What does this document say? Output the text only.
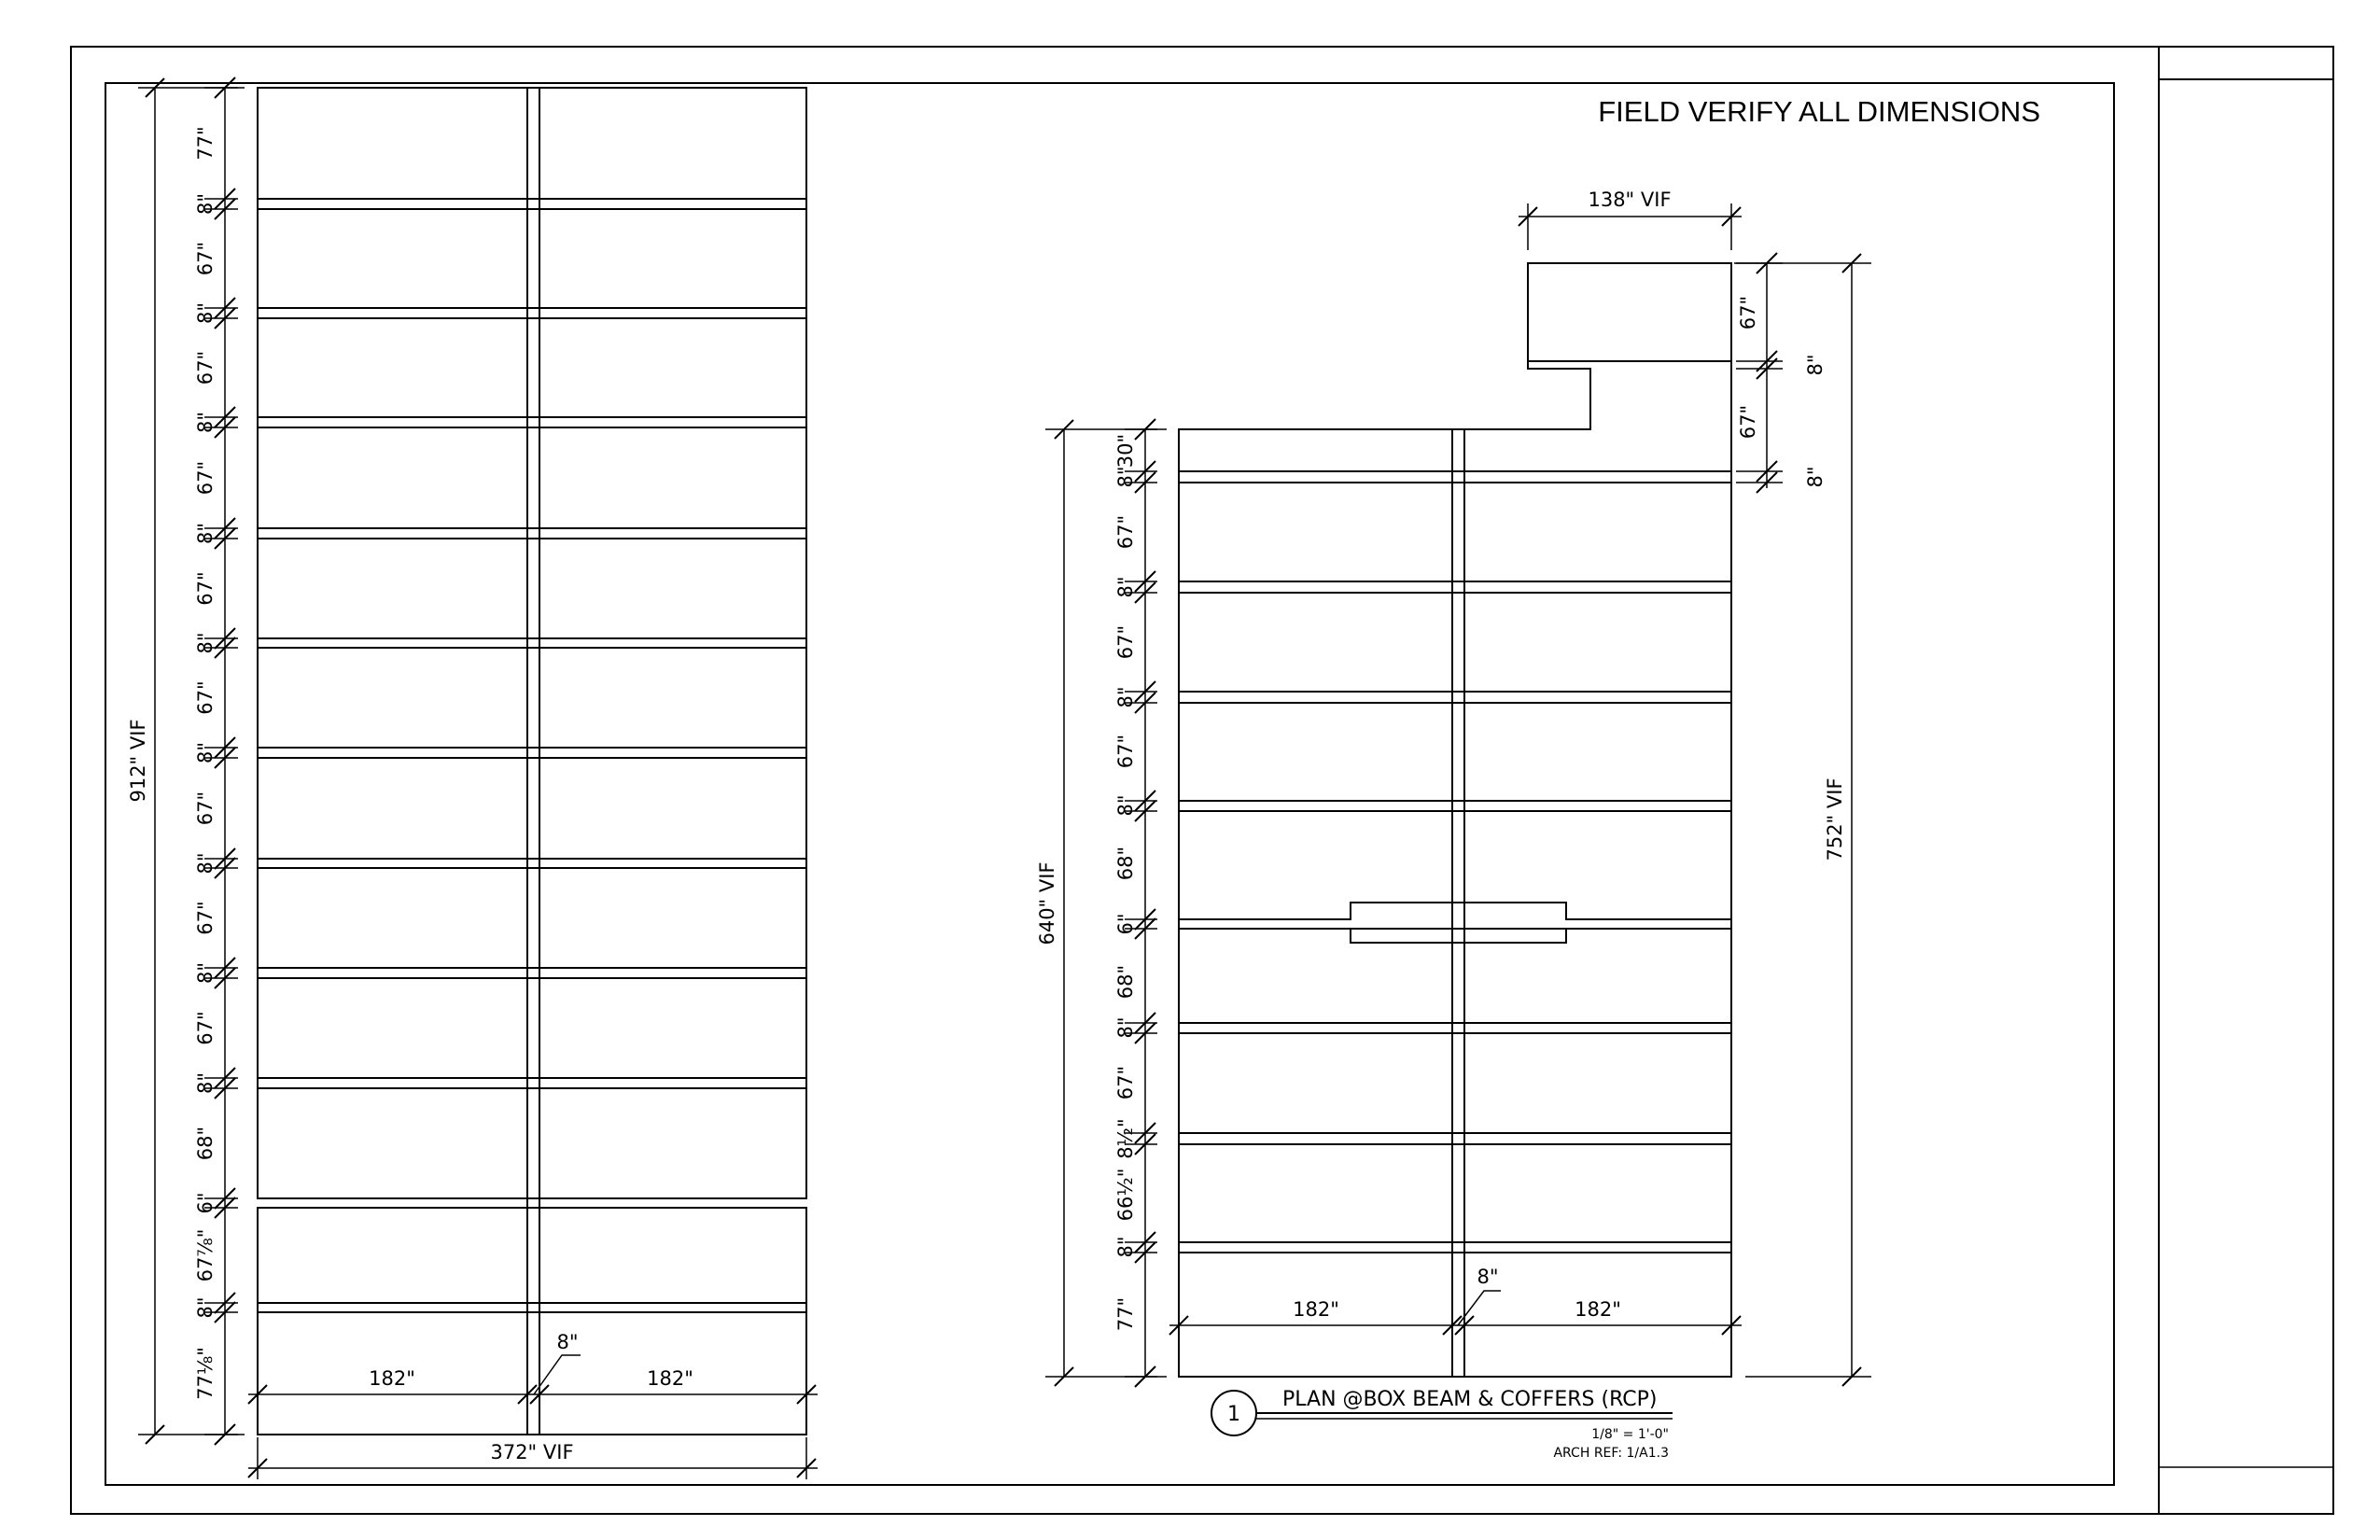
FIELD VERIFY ALL DIMENSIONS
912" VIF
77"
8"
67"
8"
67"
8"
67"
8"
67"
8"
67"
8"
67"
8"
67"
8"
67"
8"
68"
6"
67⅞"
8"
77⅛"	182"	182"
8"
372" VIF
640" VIF
8"
30"
67"
8"
67"
8"
67"
8"
68"
6"
68"
8"
67"
8½"
66½"
8"
77"
67"
8"
67"
8"
752" VIF
138" VIF
182"	182"
8"
1
PLAN @BOX BEAM & COFFERS (RCP)
1/8" = 1'-0"
ARCH REF: 1/A1.3
